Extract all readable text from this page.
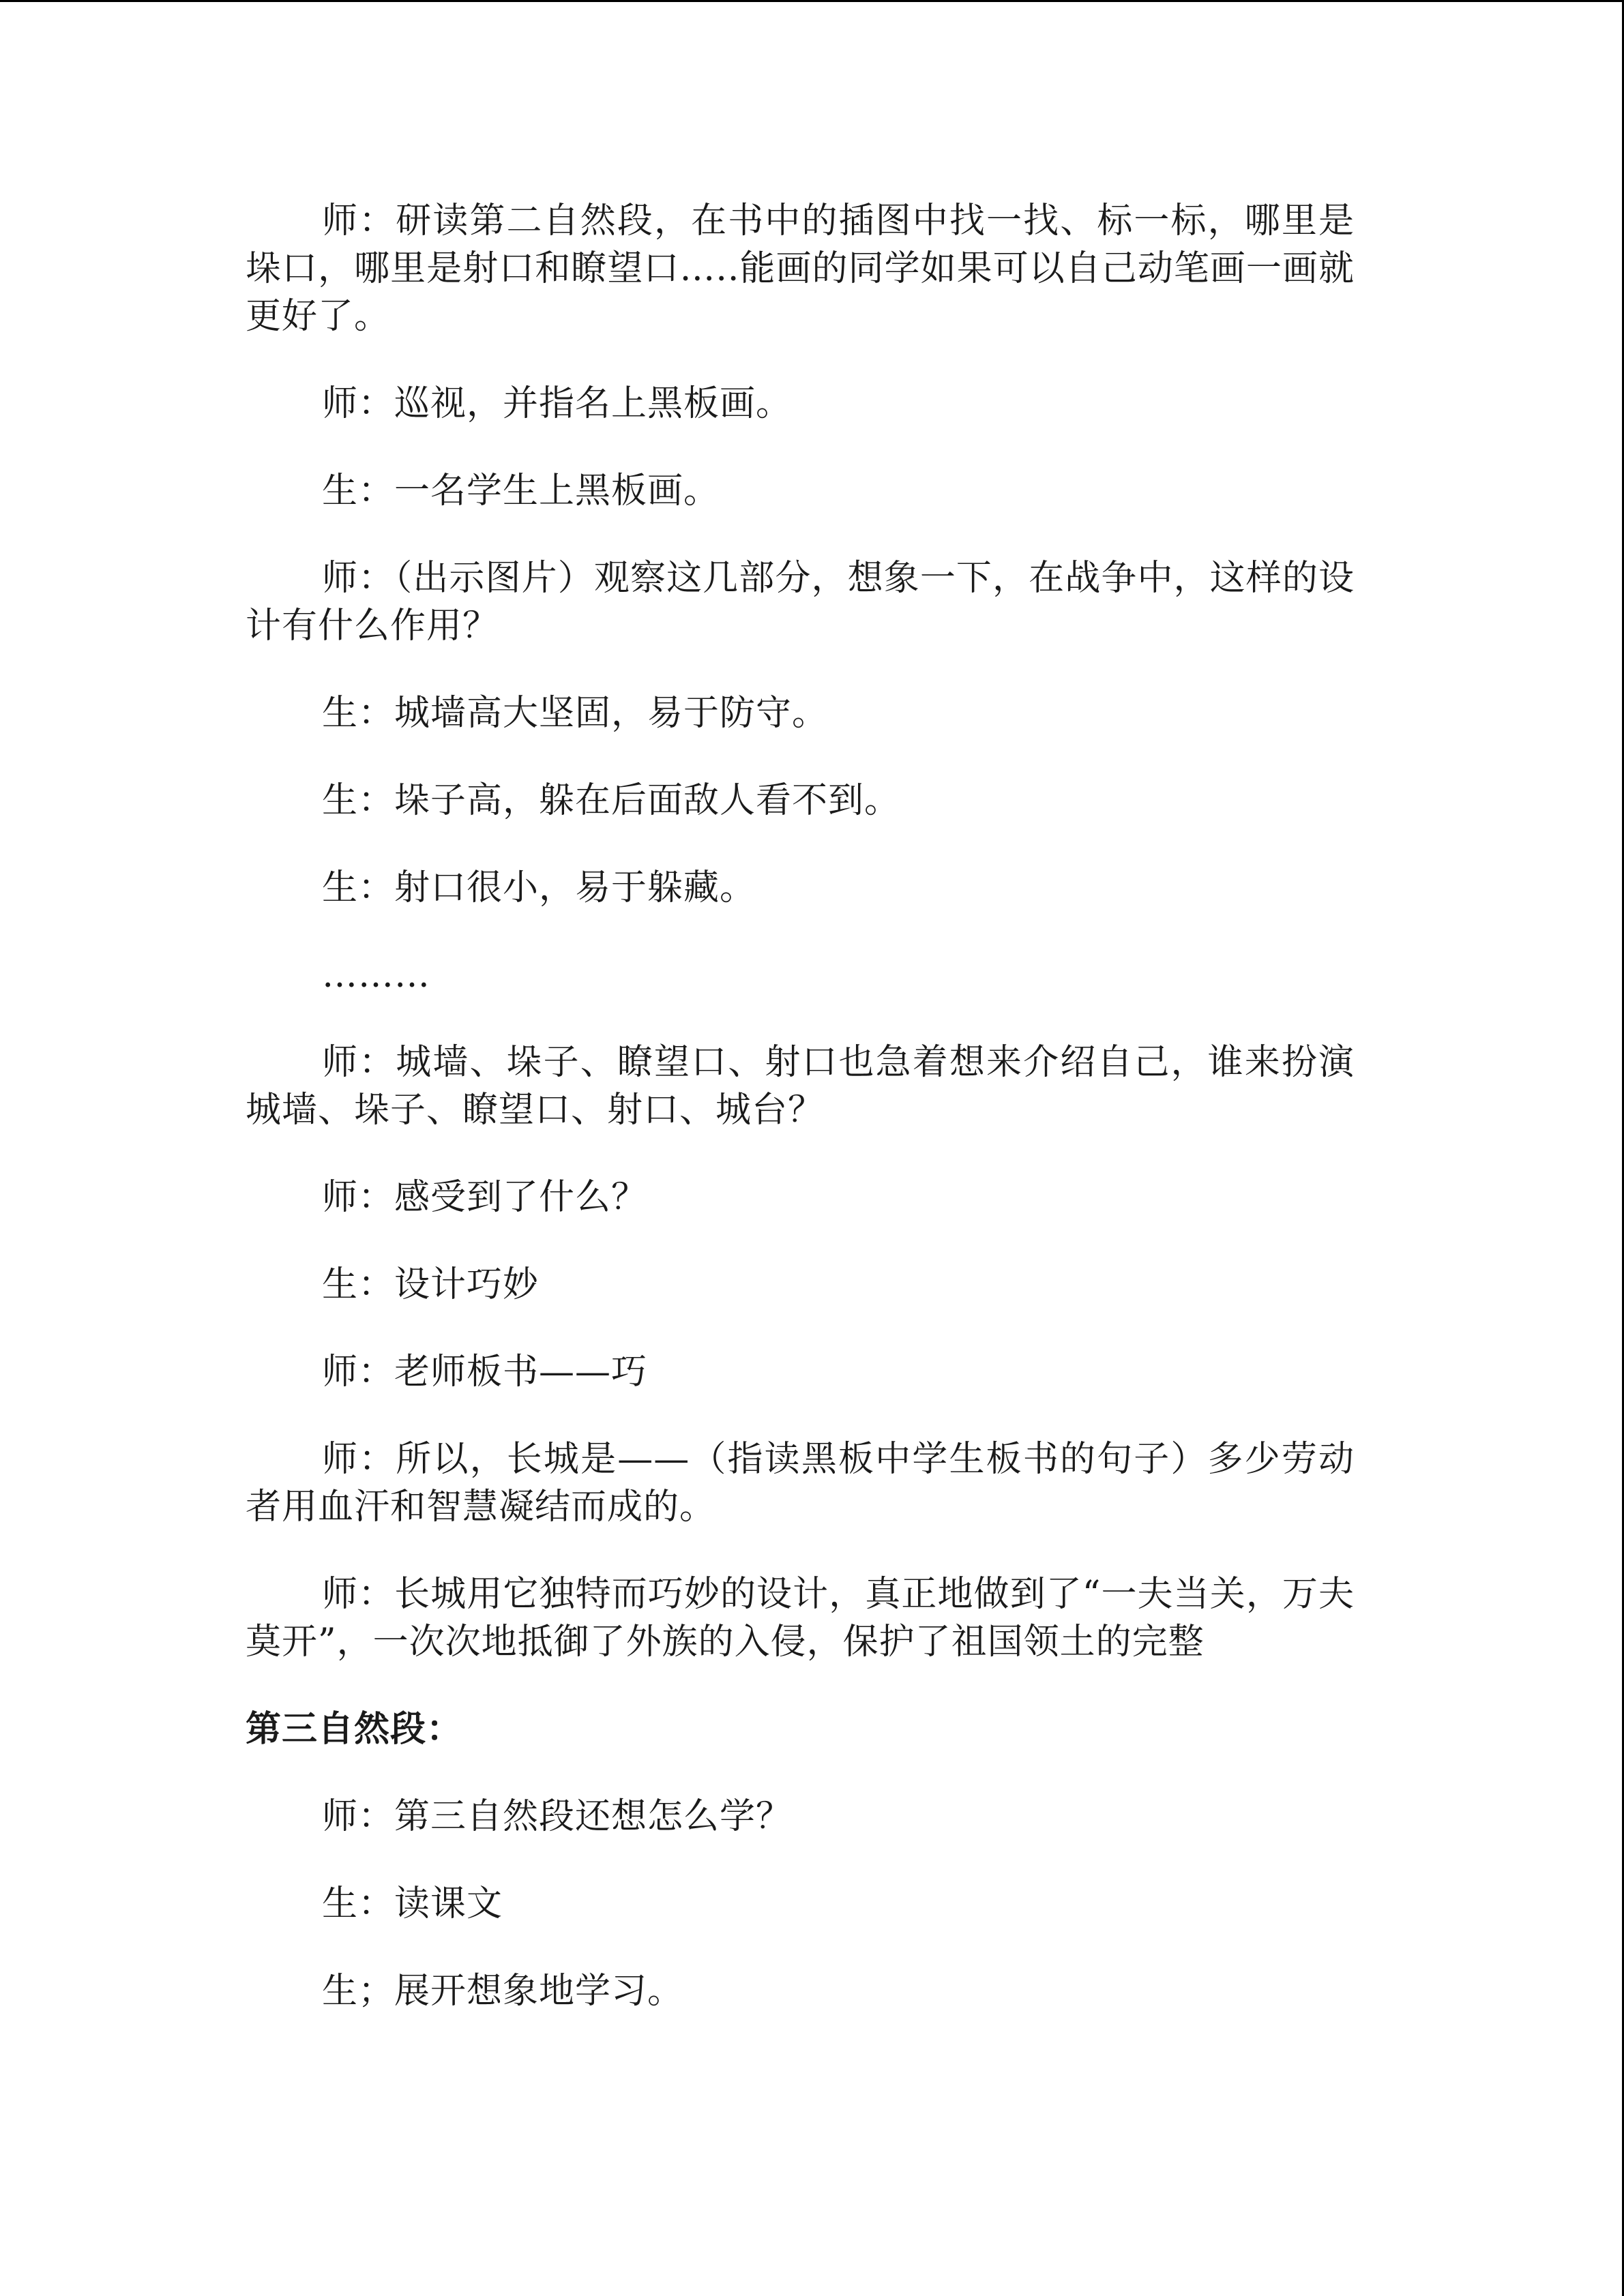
师：研读第二自然段，在书中的插图中找一找、标一标，哪里是垛口，哪里是射口和瞭望口…..能画的同学如果可以自己动笔画一画就更好了。

师：巡视，并指名上黑板画。

生：一名学生上黑板画。

师：（出示图片）观察这几部分，想象一下，在战争中，这样的设计有什么作用？

生：城墙高大坚固，易于防守。

生：垛子高，躲在后面敌人看不到。

生：射口很小，易于躲藏。

………

师：城墙、垛子、瞭望口、射口也急着想来介绍自己，谁来扮演城墙、垛子、瞭望口、射口、城台？

师：感受到了什么？

生：设计巧妙

师：老师板书——巧

师：所以，长城是——（指读黑板中学生板书的句子）多少劳动者用血汗和智慧凝结而成的。

师：长城用它独特而巧妙的设计，真正地做到了“一夫当关，万夫莫开”，一次次地抵御了外族的入侵，保护了祖国领土的完整

第三自然段：

师：第三自然段还想怎么学？

生：读课文

生；展开想象地学习。
